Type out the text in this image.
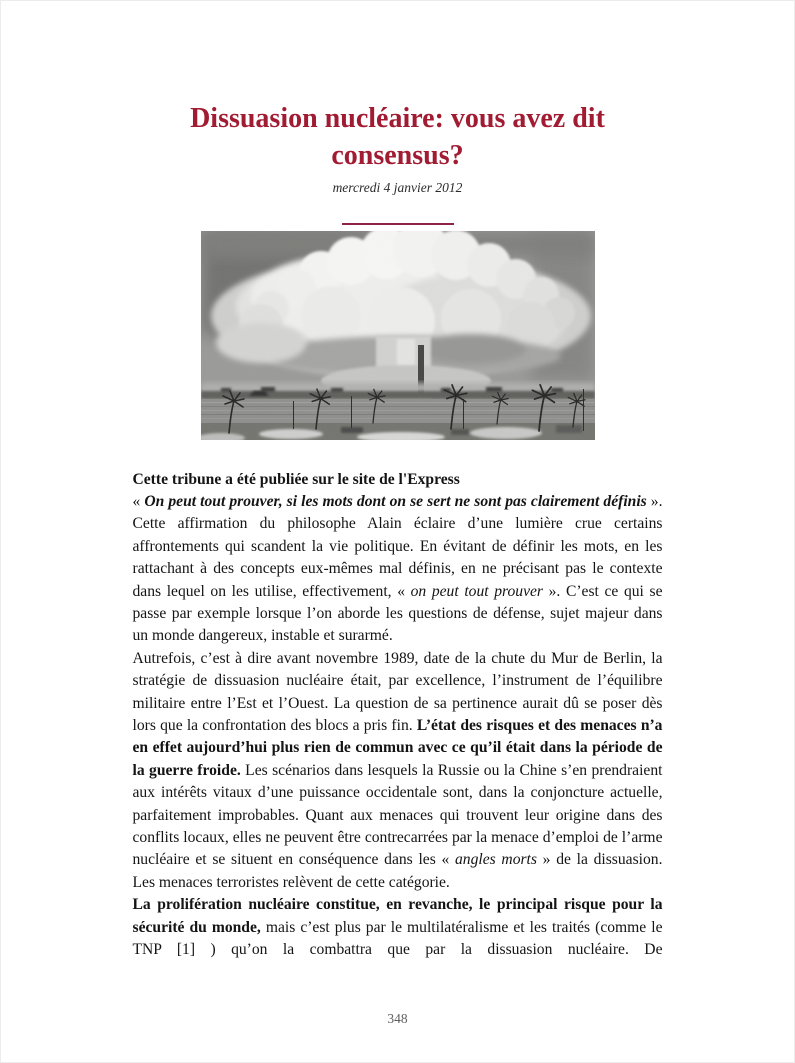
Dissuasion nucléaire: vous avez dit consensus?
mercredi 4 janvier 2012

Cette tribune a été publiée sur le site de l'Express

« On peut tout prouver, si les mots dont on se sert ne sont pas clairement définis ». Cette affirmation du philosophe Alain éclaire d’une lumière crue certains affrontements qui scandent la vie politique. En évitant de définir les mots, en les rattachant à des concepts eux-mêmes mal définis, en ne précisant pas le contexte dans lequel on les utilise, effectivement, « on peut tout prouver ». C’est ce qui se passe par exemple lorsque l’on aborde les questions de défense, sujet majeur dans un monde dangereux, instable et surarmé.

Autrefois, c’est à dire avant novembre 1989, date de la chute du Mur de Berlin, la stratégie de dissuasion nucléaire était, par excellence, l’instrument de l’équilibre militaire entre l’Est et l’Ouest. La question de sa pertinence aurait dû se poser dès lors que la confrontation des blocs a pris fin. L’état des risques et des menaces n’a en effet aujourd’hui plus rien de commun avec ce qu’il était dans la période de la guerre froide. Les scénarios dans lesquels la Russie ou la Chine s’en prendraient aux intérêts vitaux d’une puissance occidentale sont, dans la conjoncture actuelle, parfaitement improbables. Quant aux menaces qui trouvent leur origine dans des conflits locaux, elles ne peuvent être contrecarrées par la menace d’emploi de l’arme nucléaire et se situent en conséquence dans les « angles morts » de la dissuasion. Les menaces terroristes relèvent de cette catégorie.

La prolifération nucléaire constitue, en revanche, le principal risque pour la sécurité du monde, mais c’est plus par le multilatéralisme et les traités (comme le TNP [1] ) qu’on la combattra que par la dissuasion nucléaire. De

348
